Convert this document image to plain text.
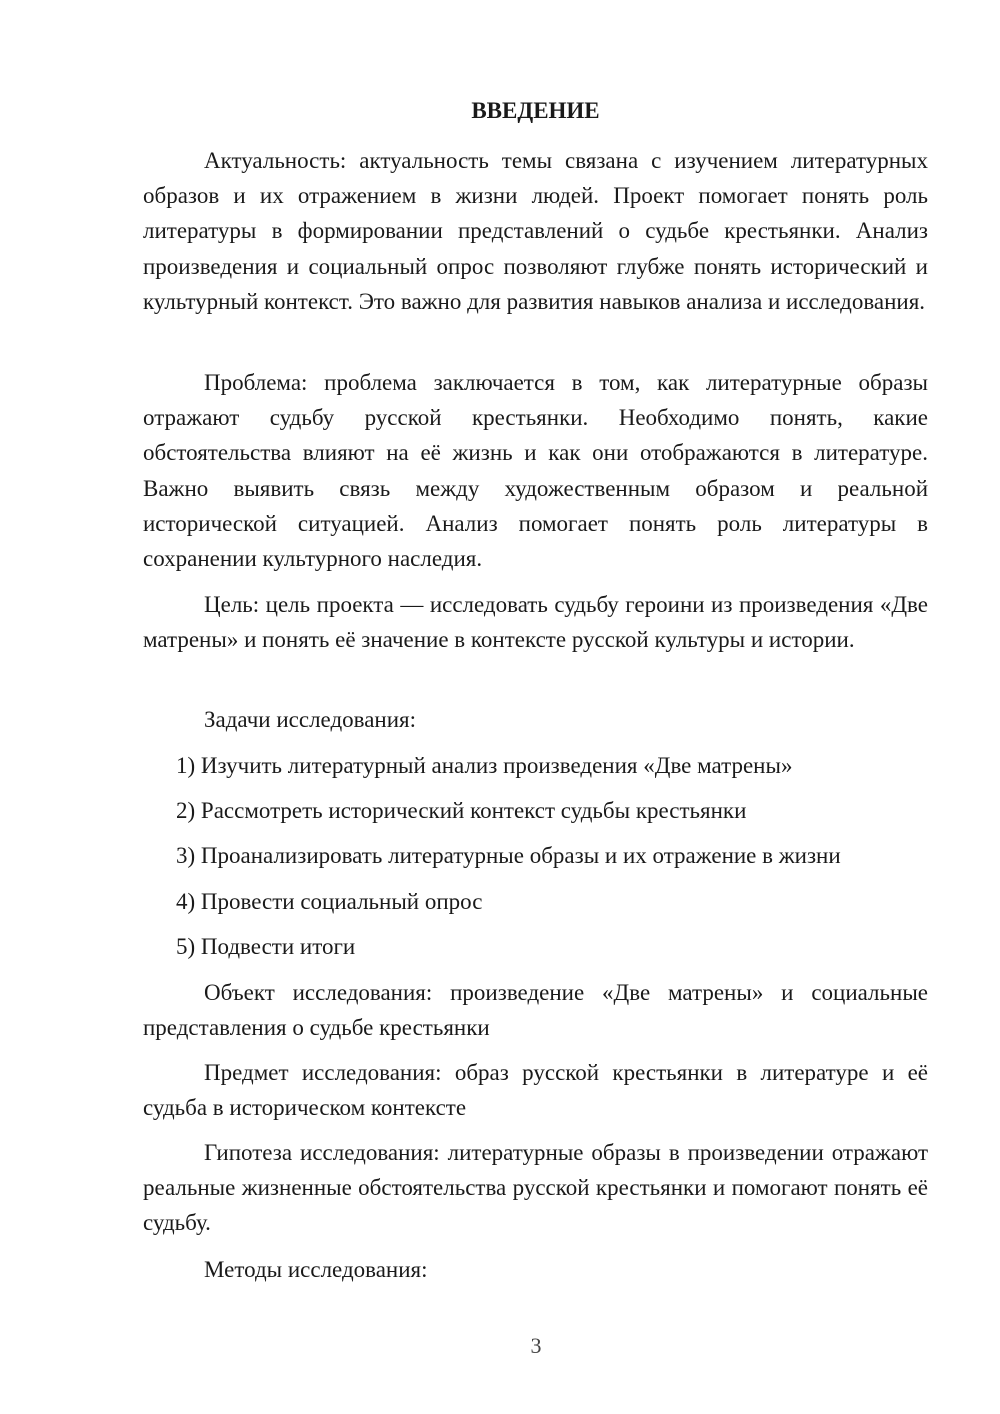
ВВЕДЕНИЕ

Актуальность: актуальность темы связана с изучением литературных образов и их отражением в жизни людей. Проект помогает понять роль литературы в формировании представлений о судьбе крестьянки. Анализ произведения и социальный опрос позволяют глубже понять исторический и культурный контекст. Это важно для развития навыков анализа и исследования.

Проблема: проблема заключается в том, как литературные образы отражают судьбу русской крестьянки. Необходимо понять, какие обстоятельства влияют на её жизнь и как они отображаются в литературе. Важно выявить связь между художественным образом и реальной исторической ситуацией. Анализ помогает понять роль литературы в сохранении культурного наследия.

Цель: цель проекта — исследовать судьбу героини из произведения «Две матрены» и понять её значение в контексте русской культуры и истории.

Задачи исследования:

1) Изучить литературный анализ произведения «Две матрены»

2) Рассмотреть исторический контекст судьбы крестьянки

3) Проанализировать литературные образы и их отражение в жизни

4) Провести социальный опрос

5) Подвести итоги

Объект исследования: произведение «Две матрены» и социальные представления о судьбе крестьянки

Предмет исследования: образ русской крестьянки в литературе и её судьба в историческом контексте

Гипотеза исследования: литературные образы в произведении отражают реальные жизненные обстоятельства русской крестьянки и помогают понять её судьбу.

Методы исследования:

3
